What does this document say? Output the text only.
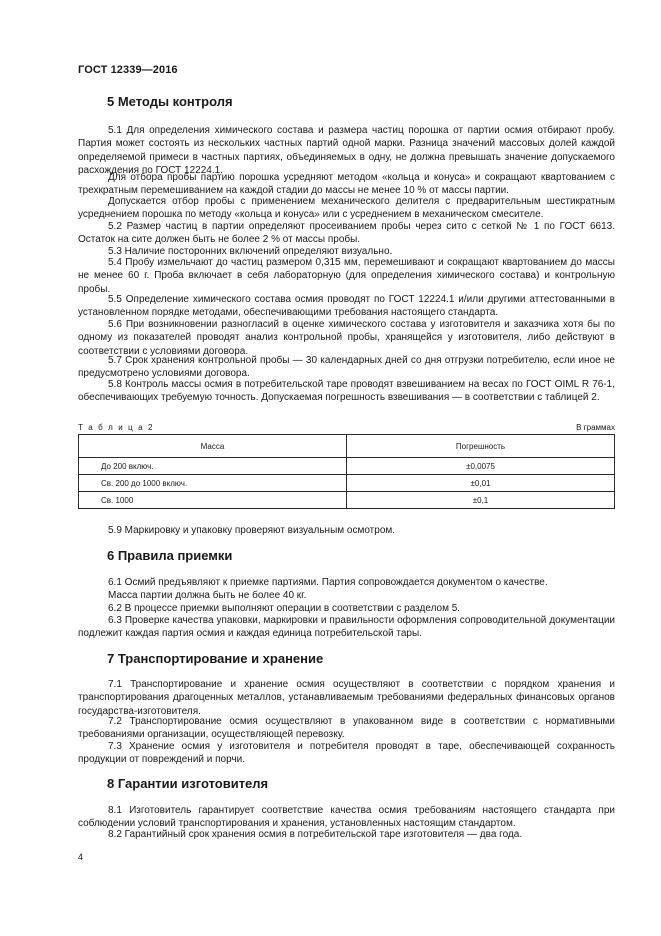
ГОСТ 12339—2016
5 Методы контроля

5.1 Для определения химического состава и размера частиц порошка от партии осмия отбирают пробу. Партия может состоять из нескольких частных партий одной марки. Разница значений массовых долей каждой определяемой примеси в частных партиях, объединяемых в одну, не должна превышать значение допускаемого расхождения по ГОСТ 12224.1.

Для отбора пробы партию порошка усредняют методом «кольца и конуса» и сокращают квартованием с трехкратным перемешиванием на каждой стадии до массы не менее 10 % от массы партии.

Допускается отбор пробы с применением механического делителя с предварительным шестикратным усреднением порошка по методу «кольца и конуса» или с усреднением в механическом смесителе.

5.2 Размер частиц в партии определяют просеиванием пробы через сито с сеткой № 1 по ГОСТ 6613. Остаток на сите должен быть не более 2 % от массы пробы.

5.3 Наличие посторонних включений определяют визуально.

5.4 Пробу измельчают до частиц размером 0,315 мм, перемешивают и сокращают квартованием до массы не менее 60 г. Проба включает в себя лабораторную (для определения химического состава) и контрольную пробы.

5.5 Определение химического состава осмия проводят по ГОСТ 12224.1 и/или другими аттестованными в установленном порядке методами, обеспечивающими требования настоящего стандарта.

5.6 При возникновении разногласий в оценке химического состава у изготовителя и заказчика хотя бы по одному из показателей проводят анализ контрольной пробы, хранящейся у изготовителя, либо действуют в соответствии с условиями договора.

5.7 Срок хранения контрольной пробы — 30 календарных дней со дня отгрузки потребителю, если иное не предусмотрено условиями договора.

5.8 Контроль массы осмия в потребительской таре проводят взвешиванием на весах по ГОСТ OIML R 76-1, обеспечивающих требуемую точность. Допускаемая погрешность взвешивания — в соответствии с таблицей 2.

Т а б л и ц а 2	В граммах
Масса	Погрешность
До 200 включ.	±0,0075
Св. 200 до 1000 включ.	±0,01
Св. 1000	±0,1

5.9 Маркировку и упаковку проверяют визуальным осмотром.

6 Правила приемки

6.1 Осмий предъявляют к приемке партиями. Партия сопровождается документом о качестве.

Масса партии должна быть не более 40 кг.

6.2 В процессе приемки выполняют операции в соответствии с разделом 5.

6.3 Проверке качества упаковки, маркировки и правильности оформления сопроводительной документации подлежит каждая партия осмия и каждая единица потребительской тары.

7 Транспортирование и хранение

7.1 Транспортирование и хранение осмия осуществляют в соответствии с порядком хранения и транспортирования драгоценных металлов, устанавливаемым требованиями федеральных финансовых органов государства-изготовителя.

7.2 Транспортирование осмия осуществляют в упакованном виде в соответствии с нормативными требованиями организации, осуществляющей перевозку.

7.3 Хранение осмия у изготовителя и потребителя проводят в таре, обеспечивающей сохранность продукции от повреждений и порчи.

8 Гарантии изготовителя

8.1 Изготовитель гарантирует соответствие качества осмия требованиям настоящего стандарта при соблюдении условий транспортирования и хранения, установленных настоящим стандартом.

8.2 Гарантийный срок хранения осмия в потребительской таре изготовителя — два года.

4
